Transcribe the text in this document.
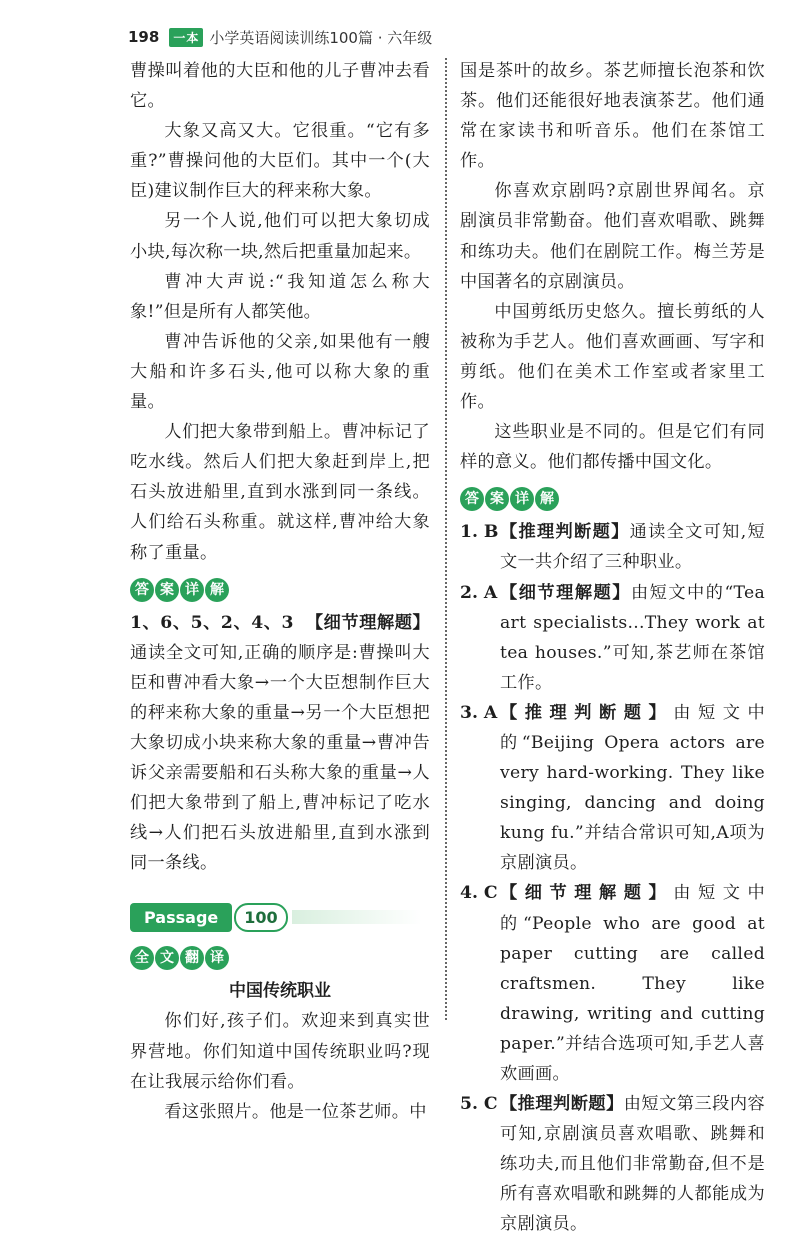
198	一本 小学英语阅读训练100篇 · 六年级

曹操叫着他的大臣和他的儿子曹冲去看它。

大象又高又大。它很重。“它有多重?”曹操问他的大臣们。其中一个(大臣)建议制作巨大的秤来称大象。

另一个人说,他们可以把大象切成小块,每次称一块,然后把重量加起来。

曹冲大声说:“我知道怎么称大象!”但是所有人都笑他。

曹冲告诉他的父亲,如果他有一艘大船和许多石头,他可以称大象的重量。

人们把大象带到船上。曹冲标记了吃水线。然后人们把大象赶到岸上,把石头放进船里,直到水涨到同一条线。人们给石头称重。就这样,曹冲给大象称了重量。

答 案 详 解

1、6、5、2、4、3 【细节理解题】通读全文可知,正确的顺序是:曹操叫大臣和曹冲看大象→一个大臣想制作巨大的秤来称大象的重量→另一个大臣想把大象切成小块来称大象的重量→曹冲告诉父亲需要船和石头称大象的重量→人们把大象带到了船上,曹冲标记了吃水线→人们把石头放进船里,直到水涨到同一条线。

Passage	100
全 文 翻 译

中国传统职业

你们好,孩子们。欢迎来到真实世界营地。你们知道中国传统职业吗?现在让我展示给你们看。

看这张照片。他是一位茶艺师。中

国是茶叶的故乡。茶艺师擅长泡茶和饮茶。他们还能很好地表演茶艺。他们通常在家读书和听音乐。他们在茶馆工作。

你喜欢京剧吗?京剧世界闻名。京剧演员非常勤奋。他们喜欢唱歌、跳舞和练功夫。他们在剧院工作。梅兰芳是中国著名的京剧演员。

中国剪纸历史悠久。擅长剪纸的人被称为手艺人。他们喜欢画画、写字和剪纸。他们在美术工作室或者家里工作。

这些职业是不同的。但是它们有同样的意义。他们都传播中国文化。

答 案 详 解
1. B 【推理判断题】通读全文可知,短文一共介绍了三种职业。

2. A 【细节理解题】由短文中的“Tea art specialists...They work at tea houses.”可知,茶艺师在茶馆工作。

3. A 【推理判断题】由短文中的“Beijing Opera actors are very hard-working. They like singing, dancing and doing kung fu.”并结合常识可知,A项为京剧演员。

4. C 【细节理解题】由短文中的“People who are good at paper cutting are called craftsmen. They like drawing, writing and cutting paper.”并结合选项可知,手艺人喜欢画画。

5. C 【推理判断题】由短文第三段内容可知,京剧演员喜欢唱歌、跳舞和练功夫,而且他们非常勤奋,但不是所有喜欢唱歌和跳舞的人都能成为京剧演员。
